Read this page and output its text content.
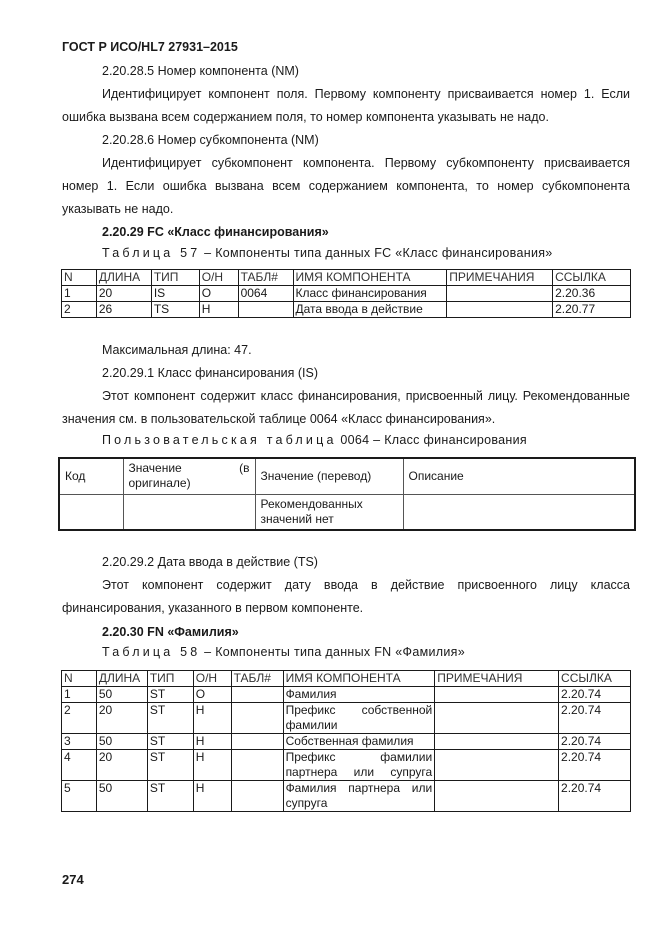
ГОСТ Р ИСО/HL7 27931–2015
2.20.28.5 Номер компонента (NM)
Идентифицирует компонент поля. Первому компоненту присваивается номер 1. Если ошибка вызвана всем содержанием поля, то номер компонента указывать не надо.
2.20.28.6 Номер субкомпонента (NM)
Идентифицирует субкомпонент компонента. Первому субкомпоненту присваивается номер 1. Если ошибка вызвана всем содержанием компонента, то номер субкомпонента указывать не надо.
2.20.29 FC «Класс финансирования»
Таблица 57 – Компоненты типа данных FC «Класс финансирования»
N	ДЛИНА	ТИП	О/Н	ТАБЛ#	ИМЯ КОМПОНЕНТА	ПРИМЕЧАНИЯ	ССЫЛКА
1	20	IS	O	0064	Класс финансирования		2.20.36
2	26	TS	H		Дата ввода в действие		2.20.77
Максимальная длина: 47.
2.20.29.1 Класс финансирования (IS)
Этот компонент содержит класс финансирования, присвоенный лицу. Рекомендованные значения см. в пользовательской таблице 0064 «Класс финансирования».
Пользовательская таблица 0064 – Класс финансирования
Код	Значение (в оригинале)	Значение (перевод)	Описание
		Рекомендованных значений нет	
2.20.29.2 Дата ввода в действие (TS)
Этот компонент содержит дату ввода в действие присвоенного лицу класса финансирования, указанного в первом компоненте.
2.20.30 FN «Фамилия»
Таблица 58 – Компоненты типа данных FN «Фамилия»
N	ДЛИНА	ТИП	О/Н	ТАБЛ#	ИМЯ КОМПОНЕНТА	ПРИМЕЧАНИЯ	ССЫЛКА
1	50	ST	O		Фамилия		2.20.74
2	20	ST	H		Префикс собственной фамилии		2.20.74
3	50	ST	H		Собственная фамилия		2.20.74
4	20	ST	H		Префикс фамилии партнера или супруга		2.20.74
5	50	ST	H		Фамилия партнера или супруга		2.20.74
274
